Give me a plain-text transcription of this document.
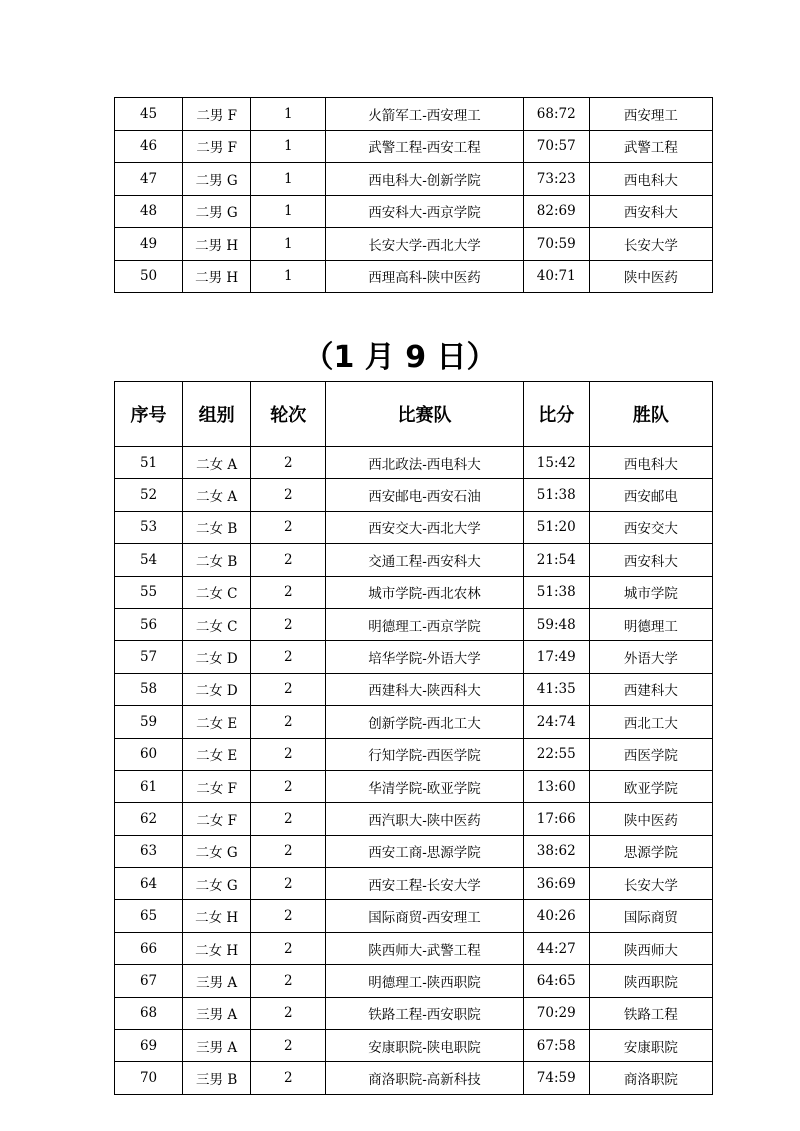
45	二男 F	1	火箭军工-西安理工	68:72	西安理工
46	二男 F	1	武警工程-西安工程	70:57	武警工程
47	二男 G	1	西电科大-创新学院	73:23	西电科大
48	二男 G	1	西安科大-西京学院	82:69	西安科大
49	二男 H	1	长安大学-西北大学	70:59	长安大学
50	二男 H	1	西理高科-陕中医药	40:71	陕中医药
（1 月 9 日）
序号	组别	轮次	比赛队	比分	胜队
51	二女 A	2	西北政法-西电科大	15:42	西电科大
52	二女 A	2	西安邮电-西安石油	51:38	西安邮电
53	二女 B	2	西安交大-西北大学	51:20	西安交大
54	二女 B	2	交通工程-西安科大	21:54	西安科大
55	二女 C	2	城市学院-西北农林	51:38	城市学院
56	二女 C	2	明德理工-西京学院	59:48	明德理工
57	二女 D	2	培华学院-外语大学	17:49	外语大学
58	二女 D	2	西建科大-陕西科大	41:35	西建科大
59	二女 E	2	创新学院-西北工大	24:74	西北工大
60	二女 E	2	行知学院-西医学院	22:55	西医学院
61	二女 F	2	华清学院-欧亚学院	13:60	欧亚学院
62	二女 F	2	西汽职大-陕中医药	17:66	陕中医药
63	二女 G	2	西安工商-思源学院	38:62	思源学院
64	二女 G	2	西安工程-长安大学	36:69	长安大学
65	二女 H	2	国际商贸-西安理工	40:26	国际商贸
66	二女 H	2	陕西师大-武警工程	44:27	陕西师大
67	三男 A	2	明德理工-陕西职院	64:65	陕西职院
68	三男 A	2	铁路工程-西安职院	70:29	铁路工程
69	三男 A	2	安康职院-陕电职院	67:58	安康职院
70	三男 B	2	商洛职院-高新科技	74:59	商洛职院
